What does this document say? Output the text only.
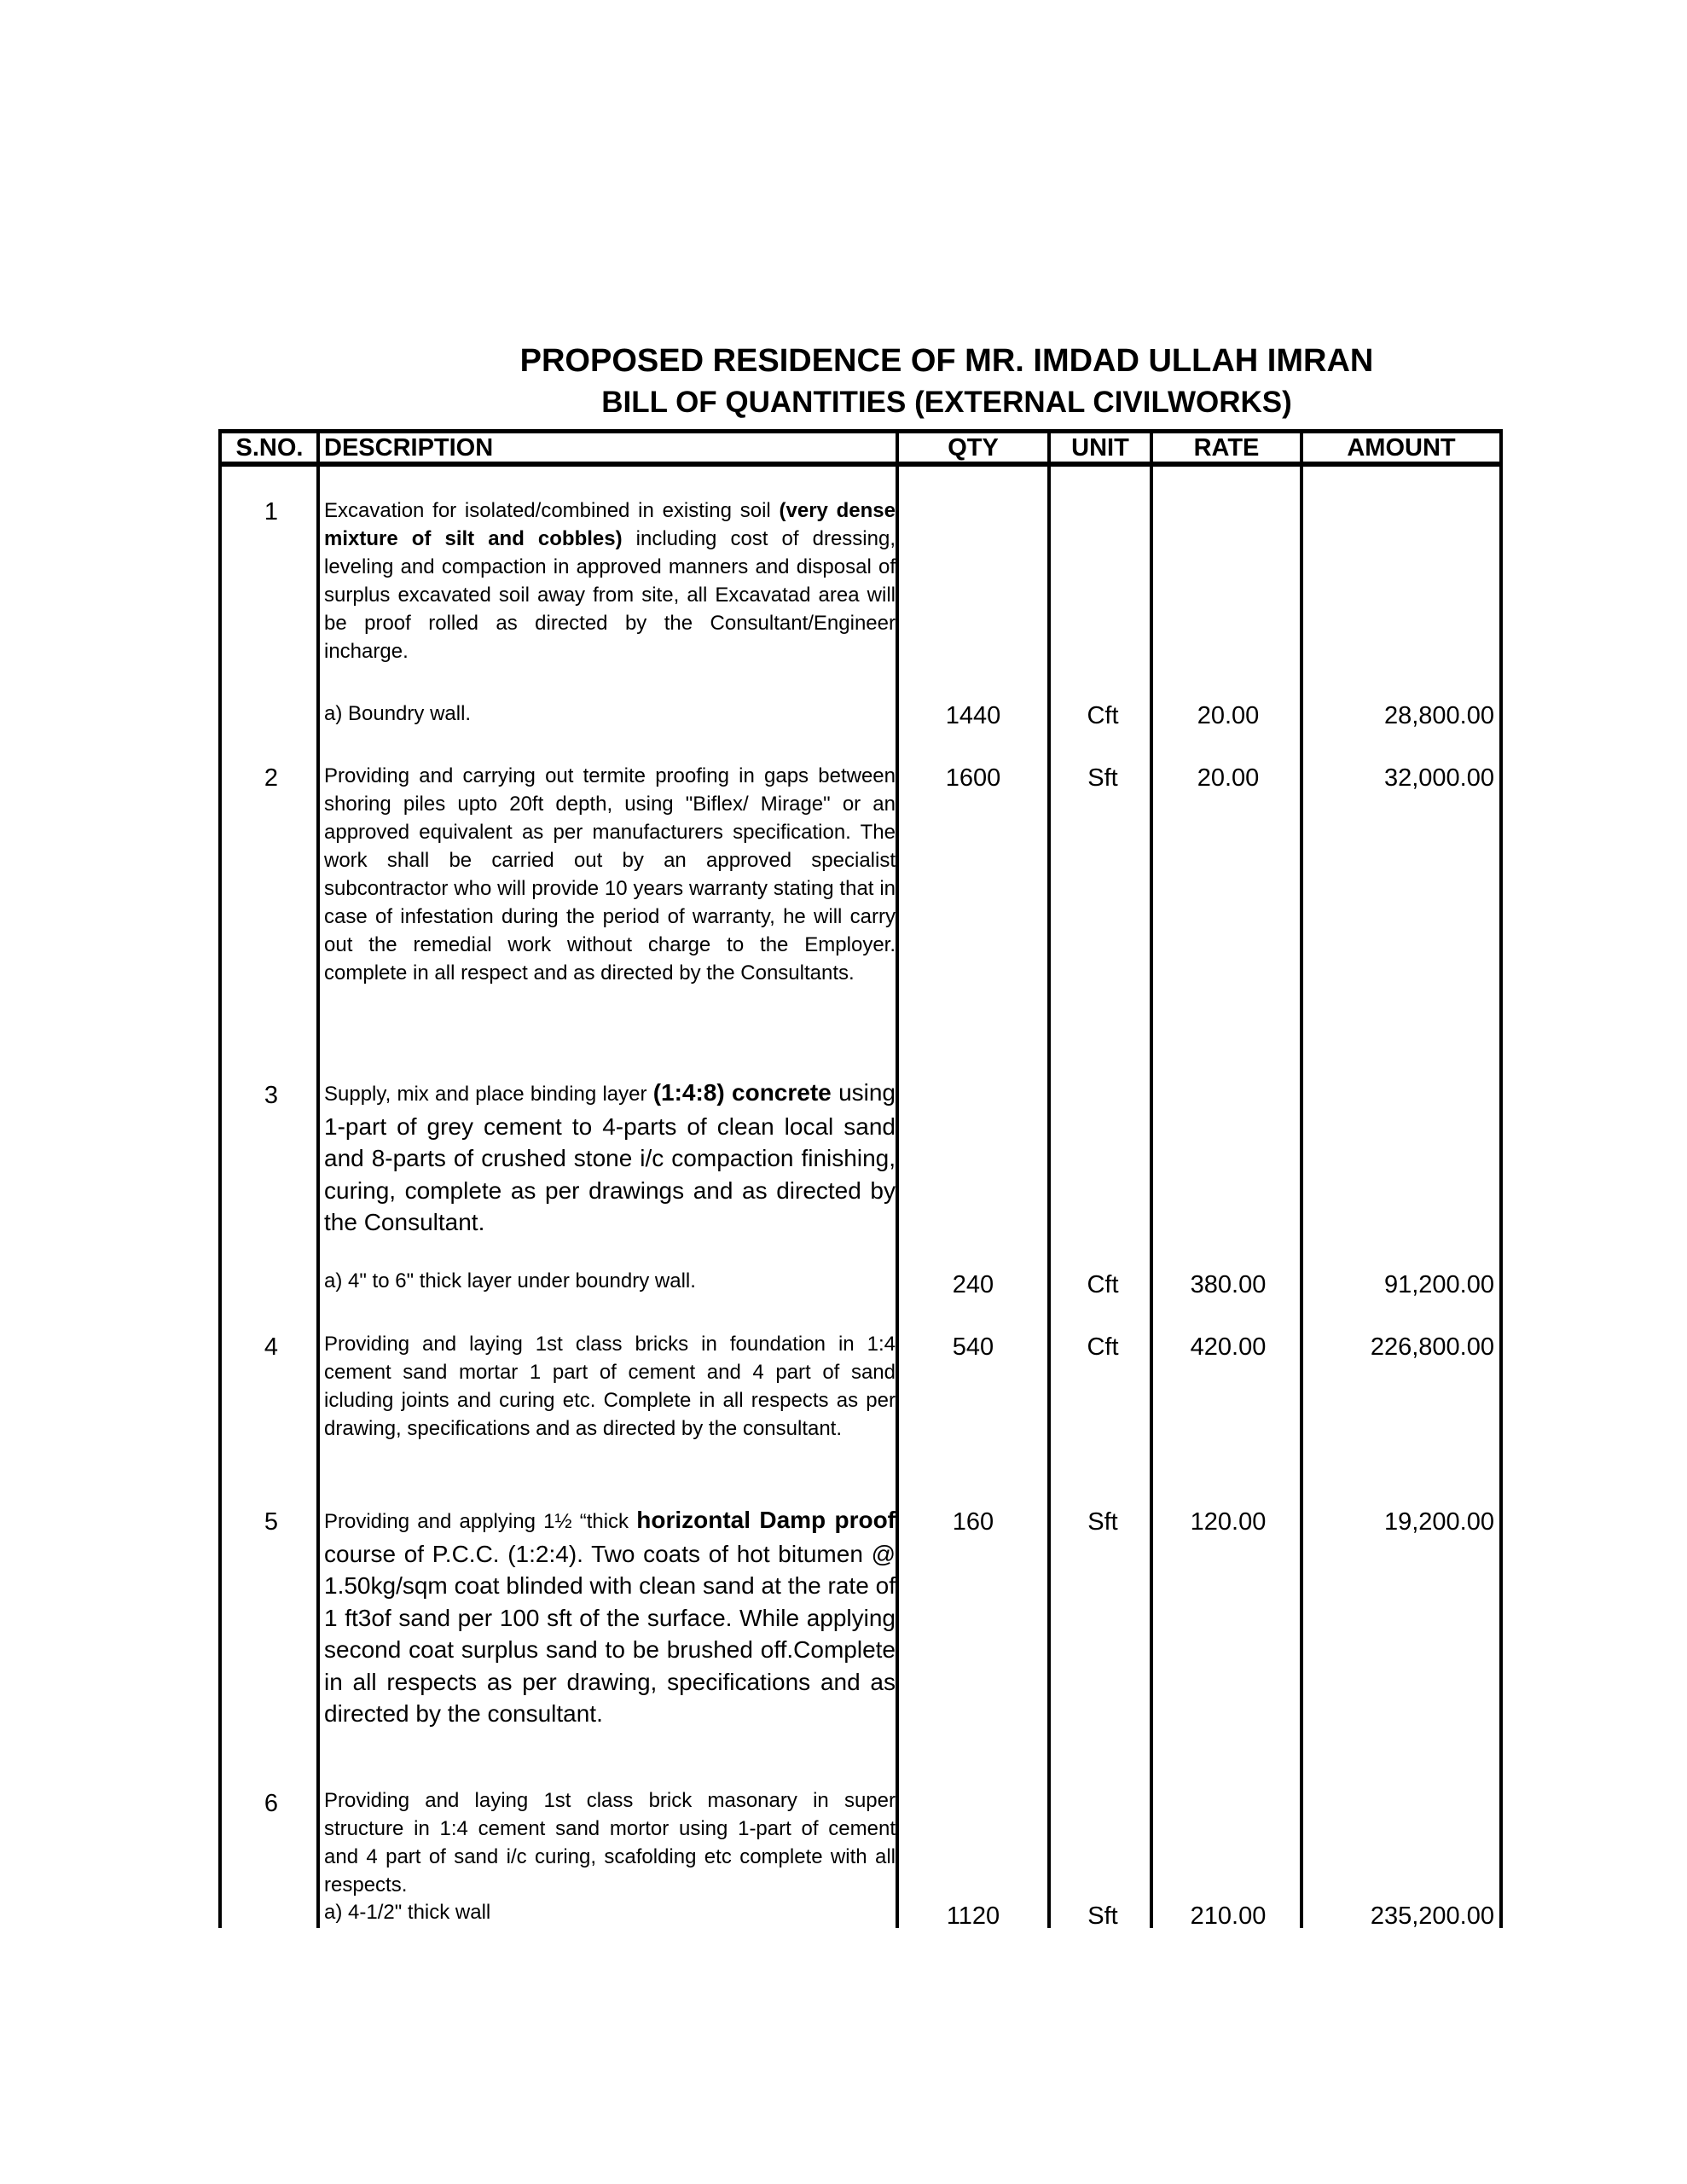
PROPOSED RESIDENCE OF MR. IMDAD ULLAH IMRAN
BILL OF QUANTITIES (EXTERNAL CIVILWORKS)
S.NO. DESCRIPTION	QTY	UNIT	RATE	AMOUNT
1	Excavation for isolated/combined in existing soil (very dense mixture of silt and cobbles) including cost of dressing, leveling and compaction in approved manners and disposal of surplus excavated soil away from site, all Excavatad area will be proof rolled as directed by the Consultant/Engineer incharge.
a) Boundry wall.	1440	Cft	20.00	28,800.00
2	Providing and carrying out termite proofing in gaps between shoring piles upto 20ft depth, using "Biflex/ Mirage" or an approved equivalent as per manufacturers specification. The work shall be carried out by an approved specialist subcontractor who will provide 10 years warranty stating that in case of infestation during the period of warranty, he will carry out the remedial work without charge to the Employer. complete in all respect and as directed by the Consultants.
1600	Sft	20.00	32,000.00
3	Supply, mix and place binding layer (1:4:8) concrete using 1-part of grey cement to 4-parts of clean local sand and 8-parts of crushed stone i/c compaction finishing, curing, complete as per drawings and as directed by the Consultant.
a) 4" to 6" thick layer under boundry wall.	240	Cft	380.00	91,200.00
4	Providing and laying 1st class bricks in foundation in 1:4 cement sand mortar 1 part of cement and 4 part of sand icluding joints and curing etc. Complete in all respects as per drawing, specifications and as directed by the consultant.
540	Cft	420.00	226,800.00
5	Providing and applying 1½ “thick horizontal Damp proof course of P.C.C. (1:2:4). Two coats of hot bitumen @ 1.50kg/sqm coat blinded with clean sand at the rate of 1 ft3of sand per 100 sft of the surface. While applying second coat surplus sand to be brushed off.Complete in all respects as per drawing, specifications and as directed by the consultant.
160	Sft	120.00	19,200.00
6	Providing and laying 1st class brick masonary in super structure in 1:4 cement sand mortor using 1-part of cement and 4 part of sand i/c curing, scafolding etc complete with all respects.
a) 4-1/2" thick wall	1120	Sft	210.00	235,200.00
